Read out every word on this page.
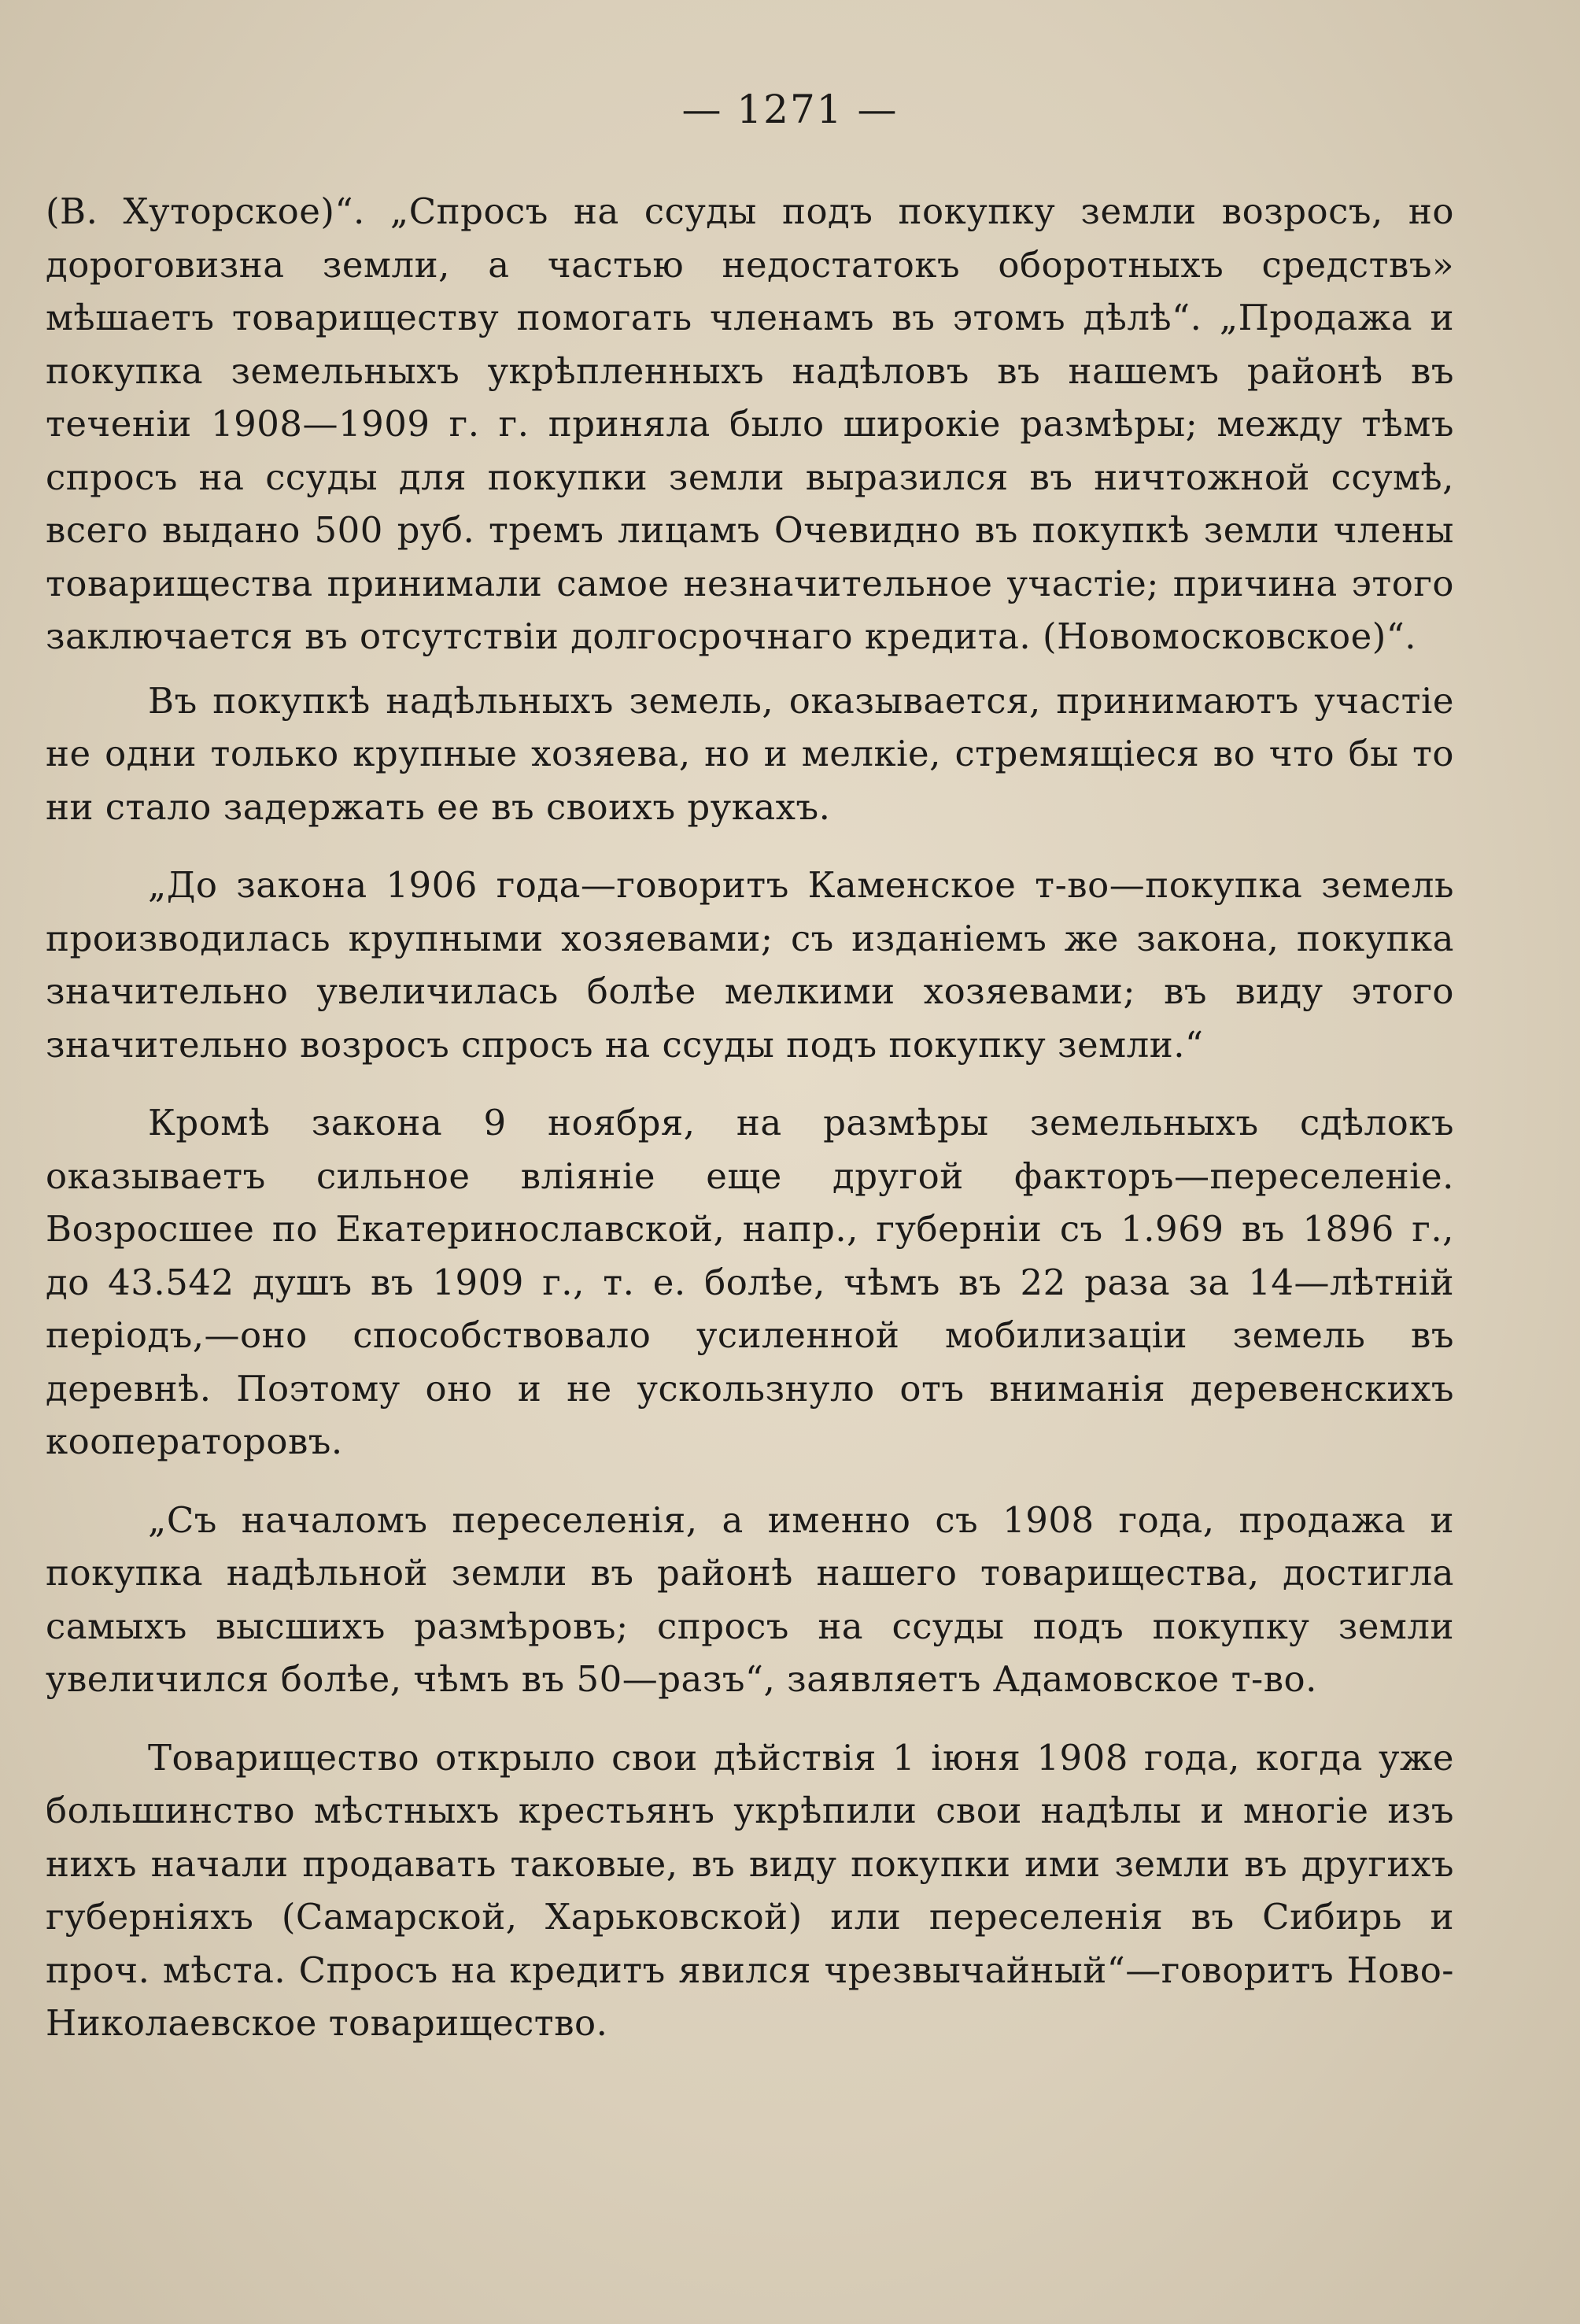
— 1271 —

(В. Хуторское)“. „Спросъ на ссуды подъ покупку земли возросъ, но дороговизна земли, а частью недостатокъ оборотныхъ средствъ» мѣшаетъ товариществу помогать членамъ въ этомъ дѣлѣ“. „Продажа и покупка земельныхъ укрѣпленныхъ надѣловъ въ нашемъ районѣ въ теченіи 1908—1909 г. г. приняла было широкіе размѣры; между тѣмъ спросъ на ссуды для покупки земли выразился въ ничтожной ссумѣ, всего выдано 500 руб. тремъ лицамъ Очевидно въ покупкѣ земли члены товарищества принимали самое незначительное участіе; причина этого заключается въ отсутствіи долгосрочнаго кредита. (Новомосковское)“.

Въ покупкѣ надѣльныхъ земель, оказывается, принимаютъ участіе не одни только крупные хозяева, но и мелкіе, стремящіеся во что бы то ни стало задержать ее въ своихъ рукахъ.

„До закона 1906 года—говоритъ Каменское т-во—покупка земель производилась крупными хозяевами; съ изданіемъ же закона, покупка значительно увеличилась болѣе мелкими хозяевами; въ виду этого значительно возросъ спросъ на ссуды подъ покупку земли.“

Кромѣ закона 9 ноября, на размѣры земельныхъ сдѣлокъ оказываетъ сильное вліяніе еще другой факторъ—переселеніе. Возросшее по Екатеринославской, напр., губерніи съ 1.969 въ 1896 г., до 43.542 душъ въ 1909 г., т. е. болѣе, чѣмъ въ 22 раза за 14—лѣтній періодъ,—оно способствовало усиленной мобилизаціи земель въ деревнѣ. Поэтому оно и не ускользнуло отъ вниманія деревенскихъ кооператоровъ.

„Съ началомъ переселенія, а именно съ 1908 года, продажа и покупка надѣльной земли въ районѣ нашего товарищества, достигла самыхъ высшихъ размѣровъ; спросъ на ссуды подъ покупку земли увеличился болѣе, чѣмъ въ 50—разъ“, заявляетъ Адамовское т-во.

Товарищество открыло свои дѣйствія 1 іюня 1908 года, когда уже большинство мѣстныхъ крестьянъ укрѣпили свои надѣлы и многіе изъ нихъ начали продавать таковые, въ виду покупки ими земли въ другихъ губерніяхъ (Самарской, Харьковской) или переселенія въ Сибирь и проч. мѣста. Спросъ на кредитъ явился чрезвычайный“—говоритъ Ново-Николаевское товарищество.
